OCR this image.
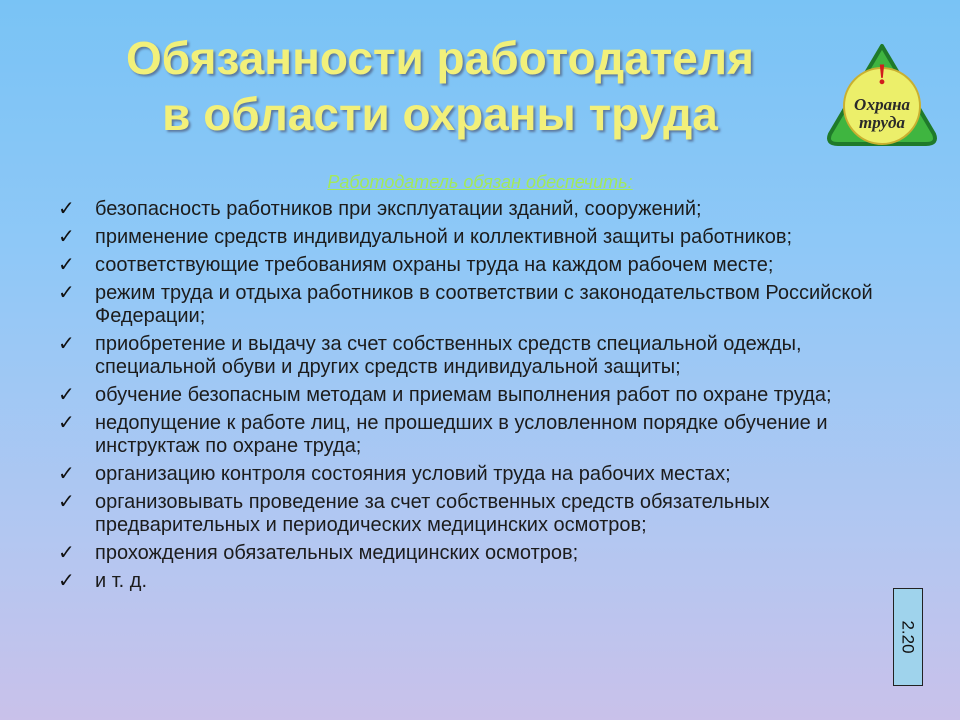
Обязанности работодателя
в области охраны труда
!
Охрана
труда
Работодатель обязан обеспечить:
✓ безопасность работников при эксплуатации зданий, сооружений;
✓ применение средств индивидуальной и коллективной защиты работников;
✓ соответствующие требованиям охраны труда на каждом рабочем месте;
✓ режим труда и отдыха работников в соответствии с законодательством Российской Федерации;
✓ приобретение и выдачу за счет собственных средств специальной одежды, специальной обуви и других средств индивидуальной защиты;
✓ обучение безопасным методам и приемам выполнения работ по охране труда;
✓ недопущение к работе лиц, не прошедших в условленном порядке обучение и инструктаж по охране труда;
✓ организацию контроля состояния условий труда на рабочих местах;
✓ организовывать проведение за счет собственных средств обязательных предварительных и периодических медицинских осмотров;
✓ прохождения обязательных медицинских осмотров;
✓ и т. д.
2.20
